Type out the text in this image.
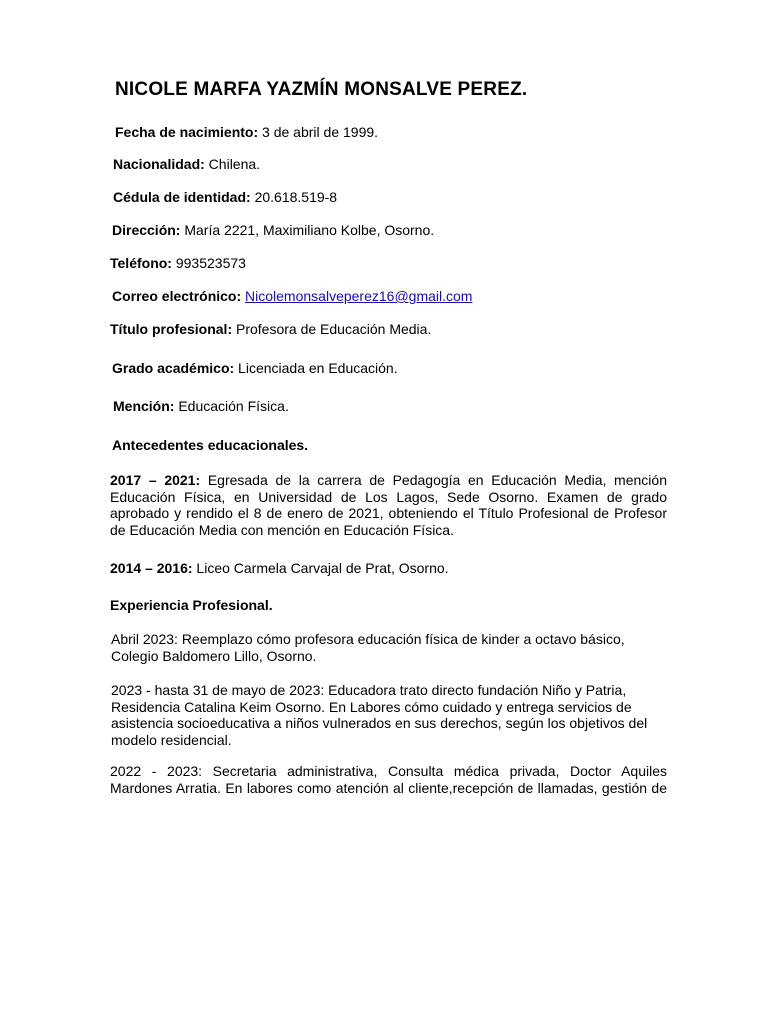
NICOLE MARFA YAZMÍN MONSALVE PEREZ.
Fecha de nacimiento: 3 de abril de 1999.
Nacionalidad: Chilena.
Cédula de identidad: 20.618.519-8
Dirección: María 2221, Maximiliano Kolbe, Osorno.
Teléfono: 993523573
Correo electrónico: Nicolemonsalveperez16@gmail.com
Título profesional: Profesora de Educación Media.
Grado académico: Licenciada en Educación.
Mención: Educación Física.
Antecedentes educacionales.
2017 – 2021: Egresada de la carrera de Pedagogía en Educación Media, mención Educación Física, en Universidad de Los Lagos, Sede Osorno. Examen de grado aprobado y rendido el 8 de enero de 2021, obteniendo el Título Profesional de Profesor de Educación Media con mención en Educación Física.
2014 – 2016: Liceo Carmela Carvajal de Prat, Osorno.
Experiencia Profesional.
Abril 2023: Reemplazo cómo profesora educación física de kinder a octavo básico, Colegio Baldomero Lillo, Osorno.
2023 - hasta 31 de mayo de 2023: Educadora trato directo fundación Niño y Patria, Residencia Catalina Keim Osorno. En Labores cómo cuidado y entrega servicios de asistencia socioeducativa a niños vulnerados en sus derechos, según los objetivos del modelo residencial.
2022 - 2023: Secretaria administrativa, Consulta médica privada, Doctor Aquiles Mardones Arratia. En labores como atención al cliente,recepción de llamadas, gestión de
